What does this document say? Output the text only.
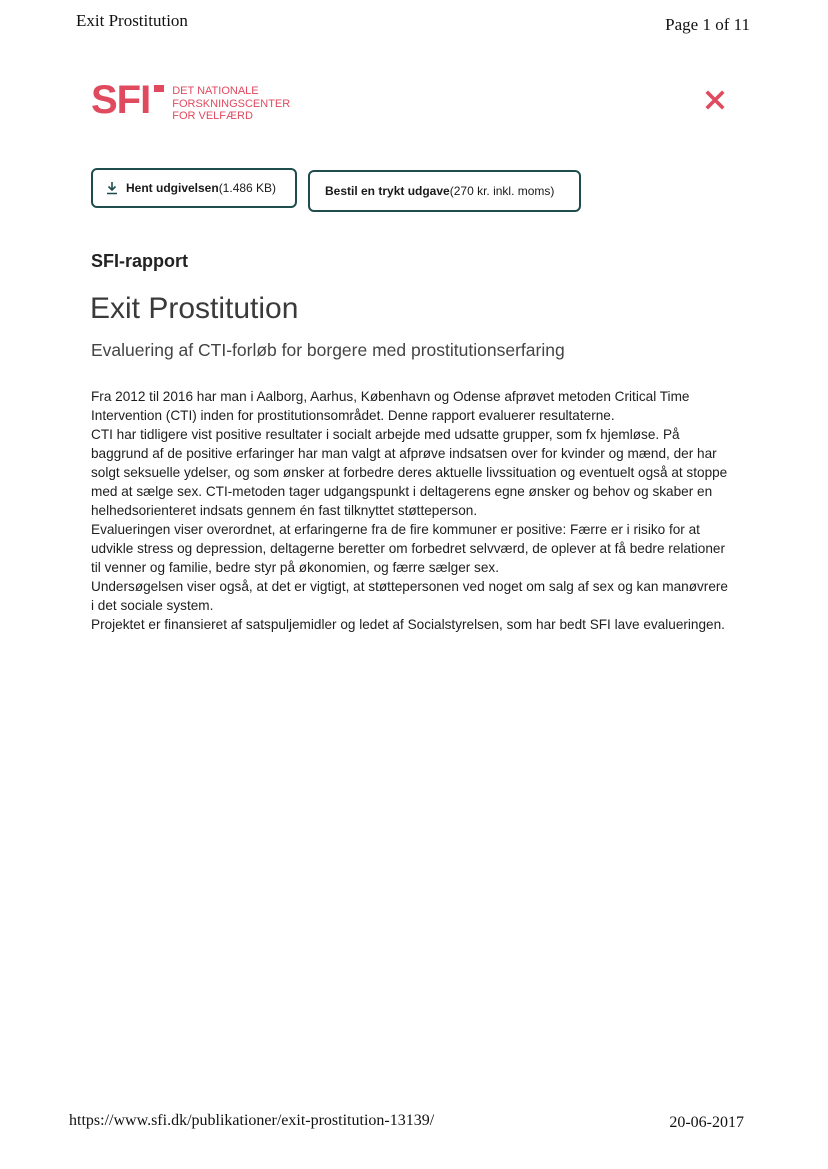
Exit Prostitution	Page 1 of 11
SFI DET NATIONALE
FORSKNINGSCENTER
FOR VELFÆRD
Hent udgivelsen (1.486 KB)	Bestil en trykt udgave (270 kr. inkl. moms)
SFI-rapport
Exit Prostitution
Evaluering af CTI-forløb for borgere med prostitutionserfaring

Fra 2012 til 2016 har man i Aalborg, Aarhus, København og Odense afprøvet metoden Critical Time Intervention (CTI) inden for prostitutionsområdet. Denne rapport evaluerer resultaterne.

CTI har tidligere vist positive resultater i socialt arbejde med udsatte grupper, som fx hjemløse. På baggrund af de positive erfaringer har man valgt at afprøve indsatsen over for kvinder og mænd, der har solgt seksuelle ydelser, og som ønsker at forbedre deres aktuelle livssituation og eventuelt også at stoppe med at sælge sex. CTI-metoden tager udgangspunkt i deltagerens egne ønsker og behov og skaber en helhedsorienteret indsats gennem én fast tilknyttet støtteperson.

Evalueringen viser overordnet, at erfaringerne fra de fire kommuner er positive: Færre er i risiko for at udvikle stress og depression, deltagerne beretter om forbedret selvværd, de oplever at få bedre relationer til venner og familie, bedre styr på økonomien, og færre sælger sex.

Undersøgelsen viser også, at det er vigtigt, at støttepersonen ved noget om salg af sex og kan manøvrere i det sociale system.

Projektet er finansieret af satspuljemidler og ledet af Socialstyrelsen, som har bedt SFI lave evalueringen.

https://www.sfi.dk/publikationer/exit-prostitution-13139/	20-06-2017
